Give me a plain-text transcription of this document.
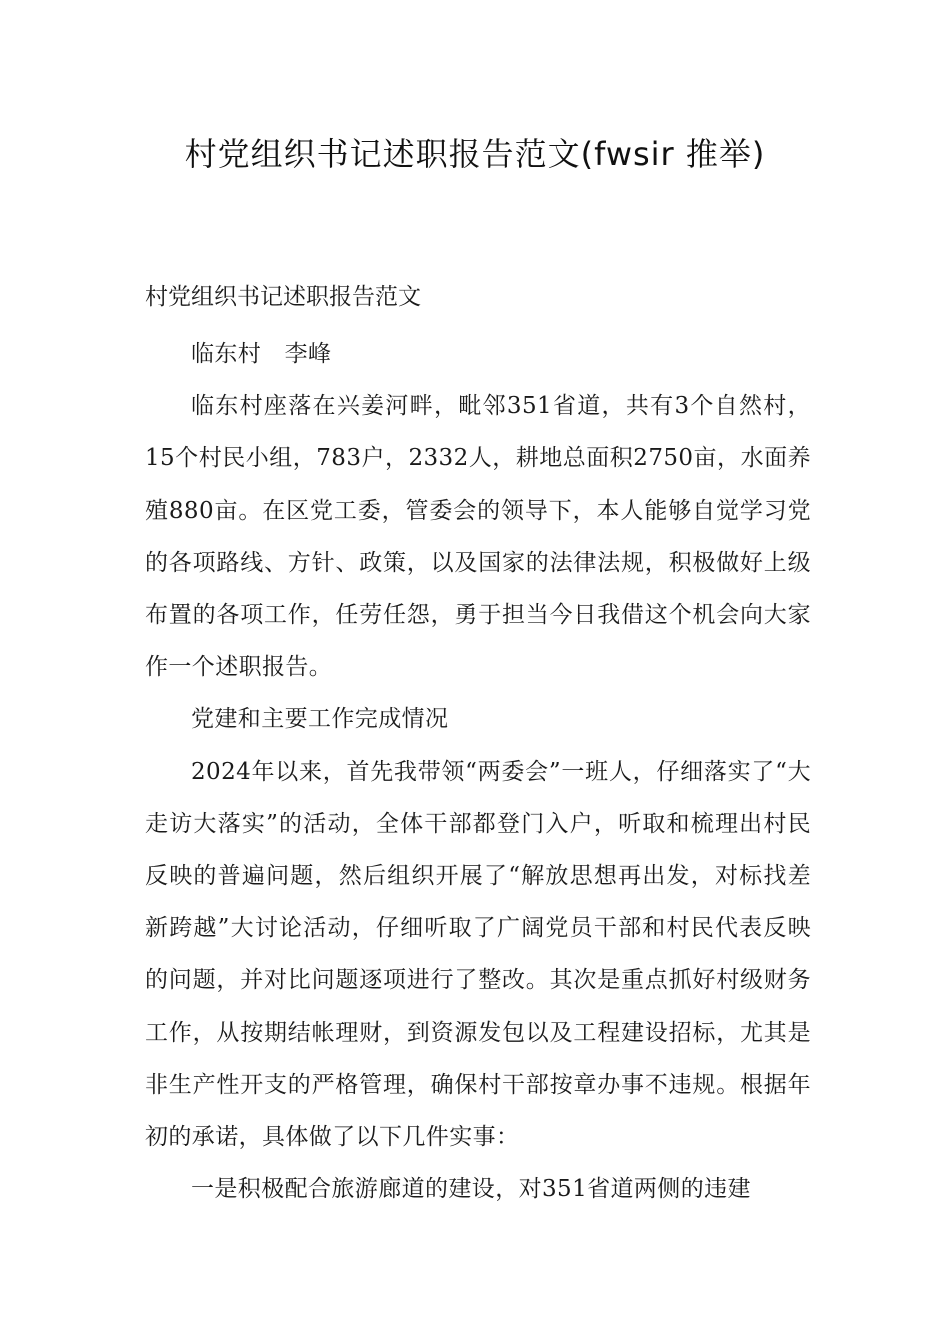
村党组织书记述职报告范文(fwsir 推举)
村党组织书记述职报告范文

临东村　李峰

临东村座落在兴姜河畔，毗邻351省道，共有3个自然村，15个村民小组，783户，2332人，耕地总面积2750亩，水面养殖880亩。在区党工委，管委会的领导下，本人能够自觉学习党的各项路线、方针、政策，以及国家的法律法规，积极做好上级布置的各项工作，任劳任怨，勇于担当今日我借这个机会向大家作一个述职报告。

党建和主要工作完成情况

2024年以来，首先我带领“两委会”一班人，仔细落实了“大走访大落实”的活动，全体干部都登门入户，听取和梳理出村民反映的普遍问题，然后组织开展了“解放思想再出发，对标找差新跨越”大讨论活动，仔细听取了广阔党员干部和村民代表反映的问题，并对比问题逐项进行了整改。其次是重点抓好村级财务工作，从按期结帐理财，到资源发包以及工程建设招标，尤其是非生产性开支的严格管理，确保村干部按章办事不违规。根据年初的承诺，具体做了以下几件实事：

一是积极配合旅游廊道的建设，对351省道两侧的违建
